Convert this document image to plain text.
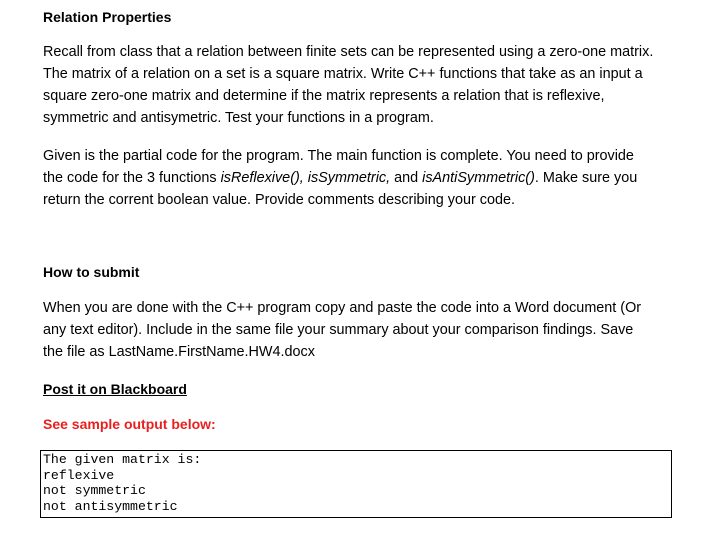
Relation Properties
Recall from class that a relation between finite sets can be represented using a zero-one matrix.
The matrix of a relation on a set is a square matrix. Write C++ functions that take as an input a
square zero-one matrix and determine if the matrix represents a relation that is reflexive,
symmetric and antisymetric. Test your functions in a program.
Given is the partial code for the program. The main function is complete. You need to provide
the code for the 3 functions isReflexive(), isSymmetric, and isAntiSymmetric(). Make sure you
return the corrent boolean value. Provide comments describing your code.
How to submit
When you are done with the C++ program copy and paste the code into a Word document (Or
any text editor). Include in the same file your summary about your comparison findings. Save
the file as LastName.FirstName.HW4.docx
Post it on Blackboard
See sample output below:
The given matrix is:
reflexive
not symmetric
not antisymmetric
